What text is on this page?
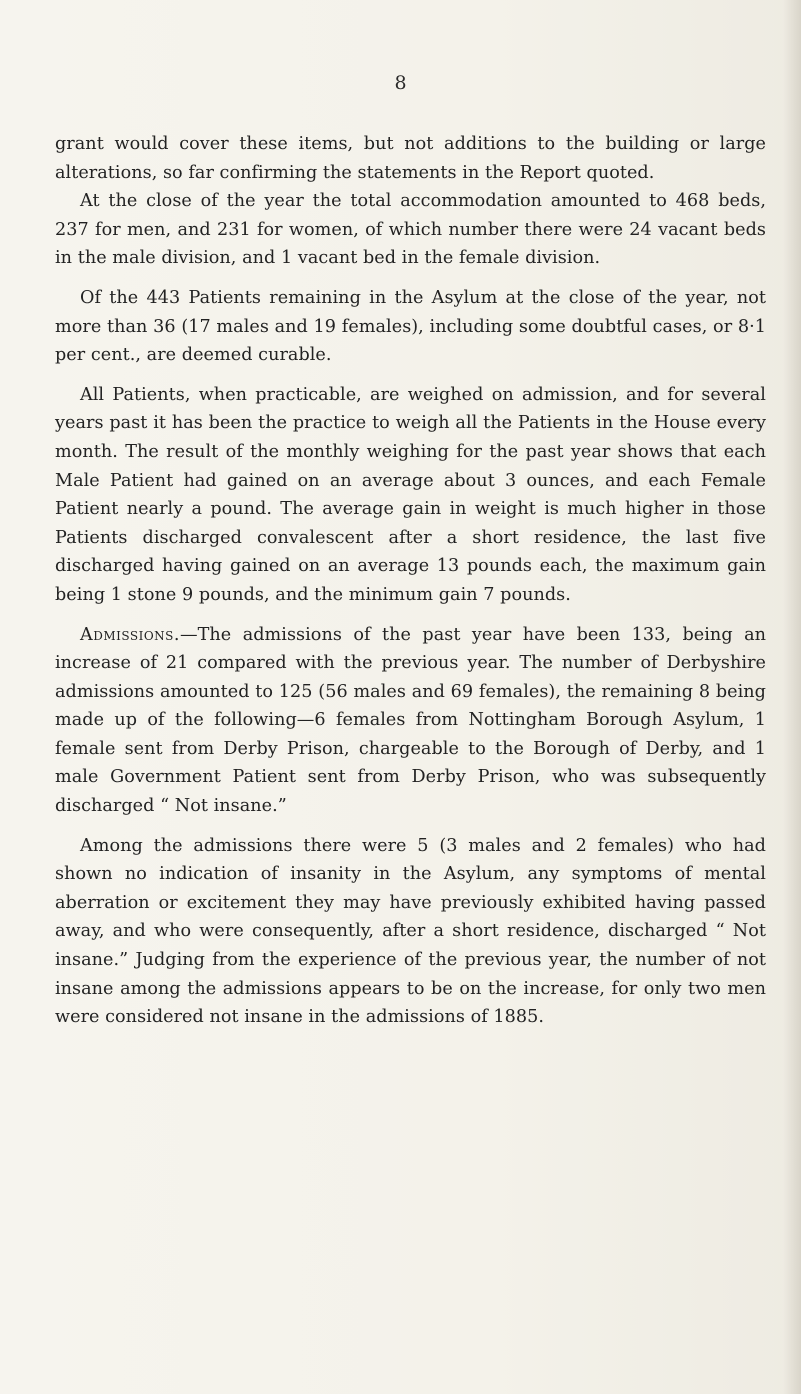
8

grant would cover these items, but not additions to the building or large alterations, so far confirming the statements in the Report quoted.

At the close of the year the total accommodation amounted to 468 beds, 237 for men, and 231 for women, of which number there were 24 vacant beds in the male division, and 1 vacant bed in the female division.

Of the 443 Patients remaining in the Asylum at the close of the year, not more than 36 (17 males and 19 females), including some doubtful cases, or 8·1 per cent., are deemed curable.

All Patients, when practicable, are weighed on admission, and for several years past it has been the practice to weigh all the Patients in the House every month. The result of the monthly weighing for the past year shows that each Male Patient had gained on an average about 3 ounces, and each Female Patient nearly a pound. The average gain in weight is much higher in those Patients discharged convalescent after a short residence, the last five discharged having gained on an average 13 pounds each, the maximum gain being 1 stone 9 pounds, and the minimum gain 7 pounds.

Admissions.—The admissions of the past year have been 133, being an increase of 21 compared with the previous year. The number of Derbyshire admissions amounted to 125 (56 males and 69 females), the remaining 8 being made up of the following—6 females from Nottingham Borough Asylum, 1 female sent from Derby Prison, chargeable to the Borough of Derby, and 1 male Government Patient sent from Derby Prison, who was subsequently discharged “ Not insane.”

Among the admissions there were 5 (3 males and 2 females) who had shown no indication of insanity in the Asylum, any symptoms of mental aberration or excitement they may have previously exhibited having passed away, and who were consequently, after a short residence, discharged “ Not insane.” Judging from the experience of the previous year, the number of not insane among the admissions appears to be on the increase, for only two men were considered not insane in the admissions of 1885.
